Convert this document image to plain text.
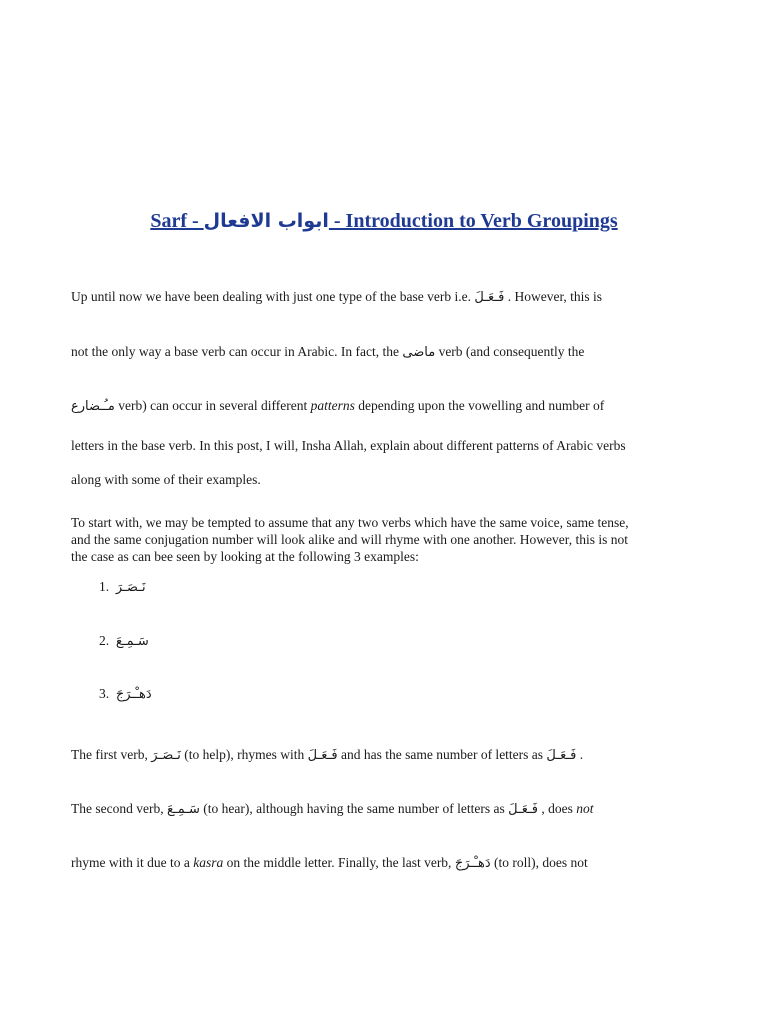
Sarf - ابواب الافعال - Introduction to Verb Groupings
Up until now we have been dealing with just one type of the base verb i.e. فَـعَـلَ . However, this is
not the only way a base verb can occur in Arabic. In fact, the ماضى verb (and consequently the
مـُـضارع verb) can occur in several different patterns depending upon the vowelling and number of
letters in the base verb. In this post, I will, Insha Allah, explain about different patterns of Arabic verbs
along with some of their examples.
To start with, we may be tempted to assume that any two verbs which have the same voice, same tense,
and the same conjugation number will look alike and will rhyme with one another. However, this is not
the case as can bee seen by looking at the following 3 examples:
1. نَـصَـرَ
2. سَـمِـعَ
3. دَهـْـرَجَ
The first verb, نَـصَـرَ (to help), rhymes with فَـعَـلَ and has the same number of letters as فَـعَـلَ .
The second verb, سَـمِـعَ (to hear), although having the same number of letters as فَـعَـلَ , does not
rhyme with it due to a kasra on the middle letter. Finally, the last verb, دَهـْـرَجَ (to roll), does not
